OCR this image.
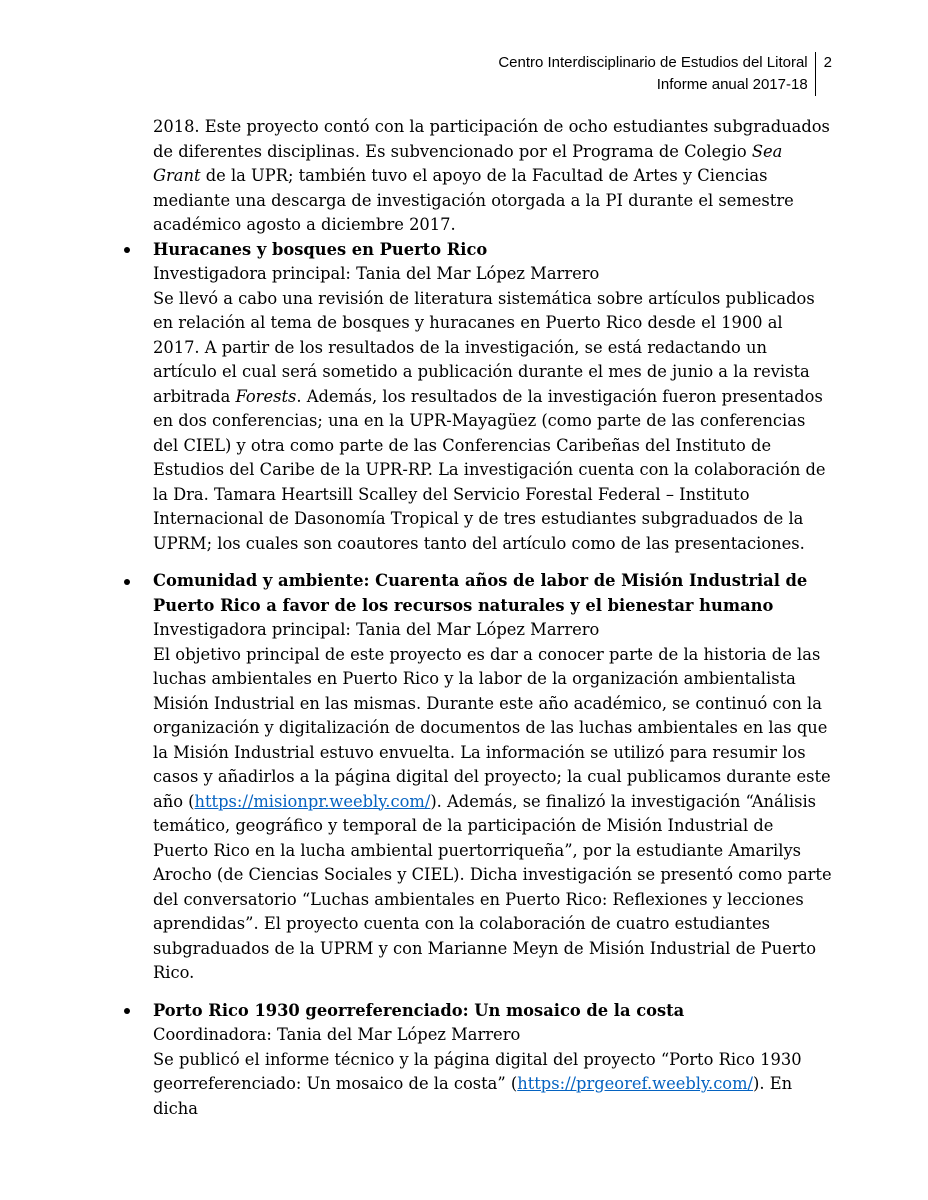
Centro Interdisciplinario de Estudios del Litoral
Informe anual 2017-182

2018. Este proyecto contó con la participación de ocho estudiantes subgraduados de diferentes disciplinas. Es subvencionado por el Programa de Colegio Sea Grant de la UPR; también tuvo el apoyo de la Facultad de Artes y Ciencias mediante una descarga de investigación otorgada a la PI durante el semestre académico agosto a diciembre 2017.

Huracanes y bosques en Puerto Rico

Investigadora principal: Tania del Mar López Marrero

Se llevó a cabo una revisión de literatura sistemática sobre artículos publicados en relación al tema de bosques y huracanes en Puerto Rico desde el 1900 al 2017. A partir de los resultados de la investigación, se está redactando un artículo el cual será sometido a publicación durante el mes de junio a la revista arbitrada Forests. Además, los resultados de la investigación fueron presentados en dos conferencias; una en la UPR-Mayagüez (como parte de las conferencias del CIEL) y otra como parte de las Conferencias Caribeñas del Instituto de Estudios del Caribe de la UPR-RP. La investigación cuenta con la colaboración de la Dra. Tamara Heartsill Scalley del Servicio Forestal Federal – Instituto Internacional de Dasonomía Tropical y de tres estudiantes subgraduados de la UPRM; los cuales son coautores tanto del artículo como de las presentaciones.

Comunidad y ambiente: Cuarenta años de labor de Misión Industrial de Puerto Rico a favor de los recursos naturales y el bienestar humano

Investigadora principal: Tania del Mar López Marrero

El objetivo principal de este proyecto es dar a conocer parte de la historia de las luchas ambientales en Puerto Rico y la labor de la organización ambientalista Misión Industrial en las mismas. Durante este año académico, se continuó con la organización y digitalización de documentos de las luchas ambientales en las que la Misión Industrial estuvo envuelta. La información se utilizó para resumir los casos y añadirlos a la página digital del proyecto; la cual publicamos durante este año (https://misionpr.weebly.com/). Además, se finalizó la investigación “Análisis temático, geográfico y temporal de la participación de Misión Industrial de Puerto Rico en la lucha ambiental puertorriqueña”, por la estudiante Amarilys Arocho (de Ciencias Sociales y CIEL). Dicha investigación se presentó como parte del conversatorio “Luchas ambientales en Puerto Rico: Reflexiones y lecciones aprendidas”. El proyecto cuenta con la colaboración de cuatro estudiantes subgraduados de la UPRM y con Marianne Meyn de Misión Industrial de Puerto Rico.

Porto Rico 1930 georreferenciado: Un mosaico de la costa

Coordinadora: Tania del Mar López Marrero

Se publicó el informe técnico y la página digital del proyecto “Porto Rico 1930 georreferenciado: Un mosaico de la costa” (https://prgeoref.weebly.com/). En dicha
